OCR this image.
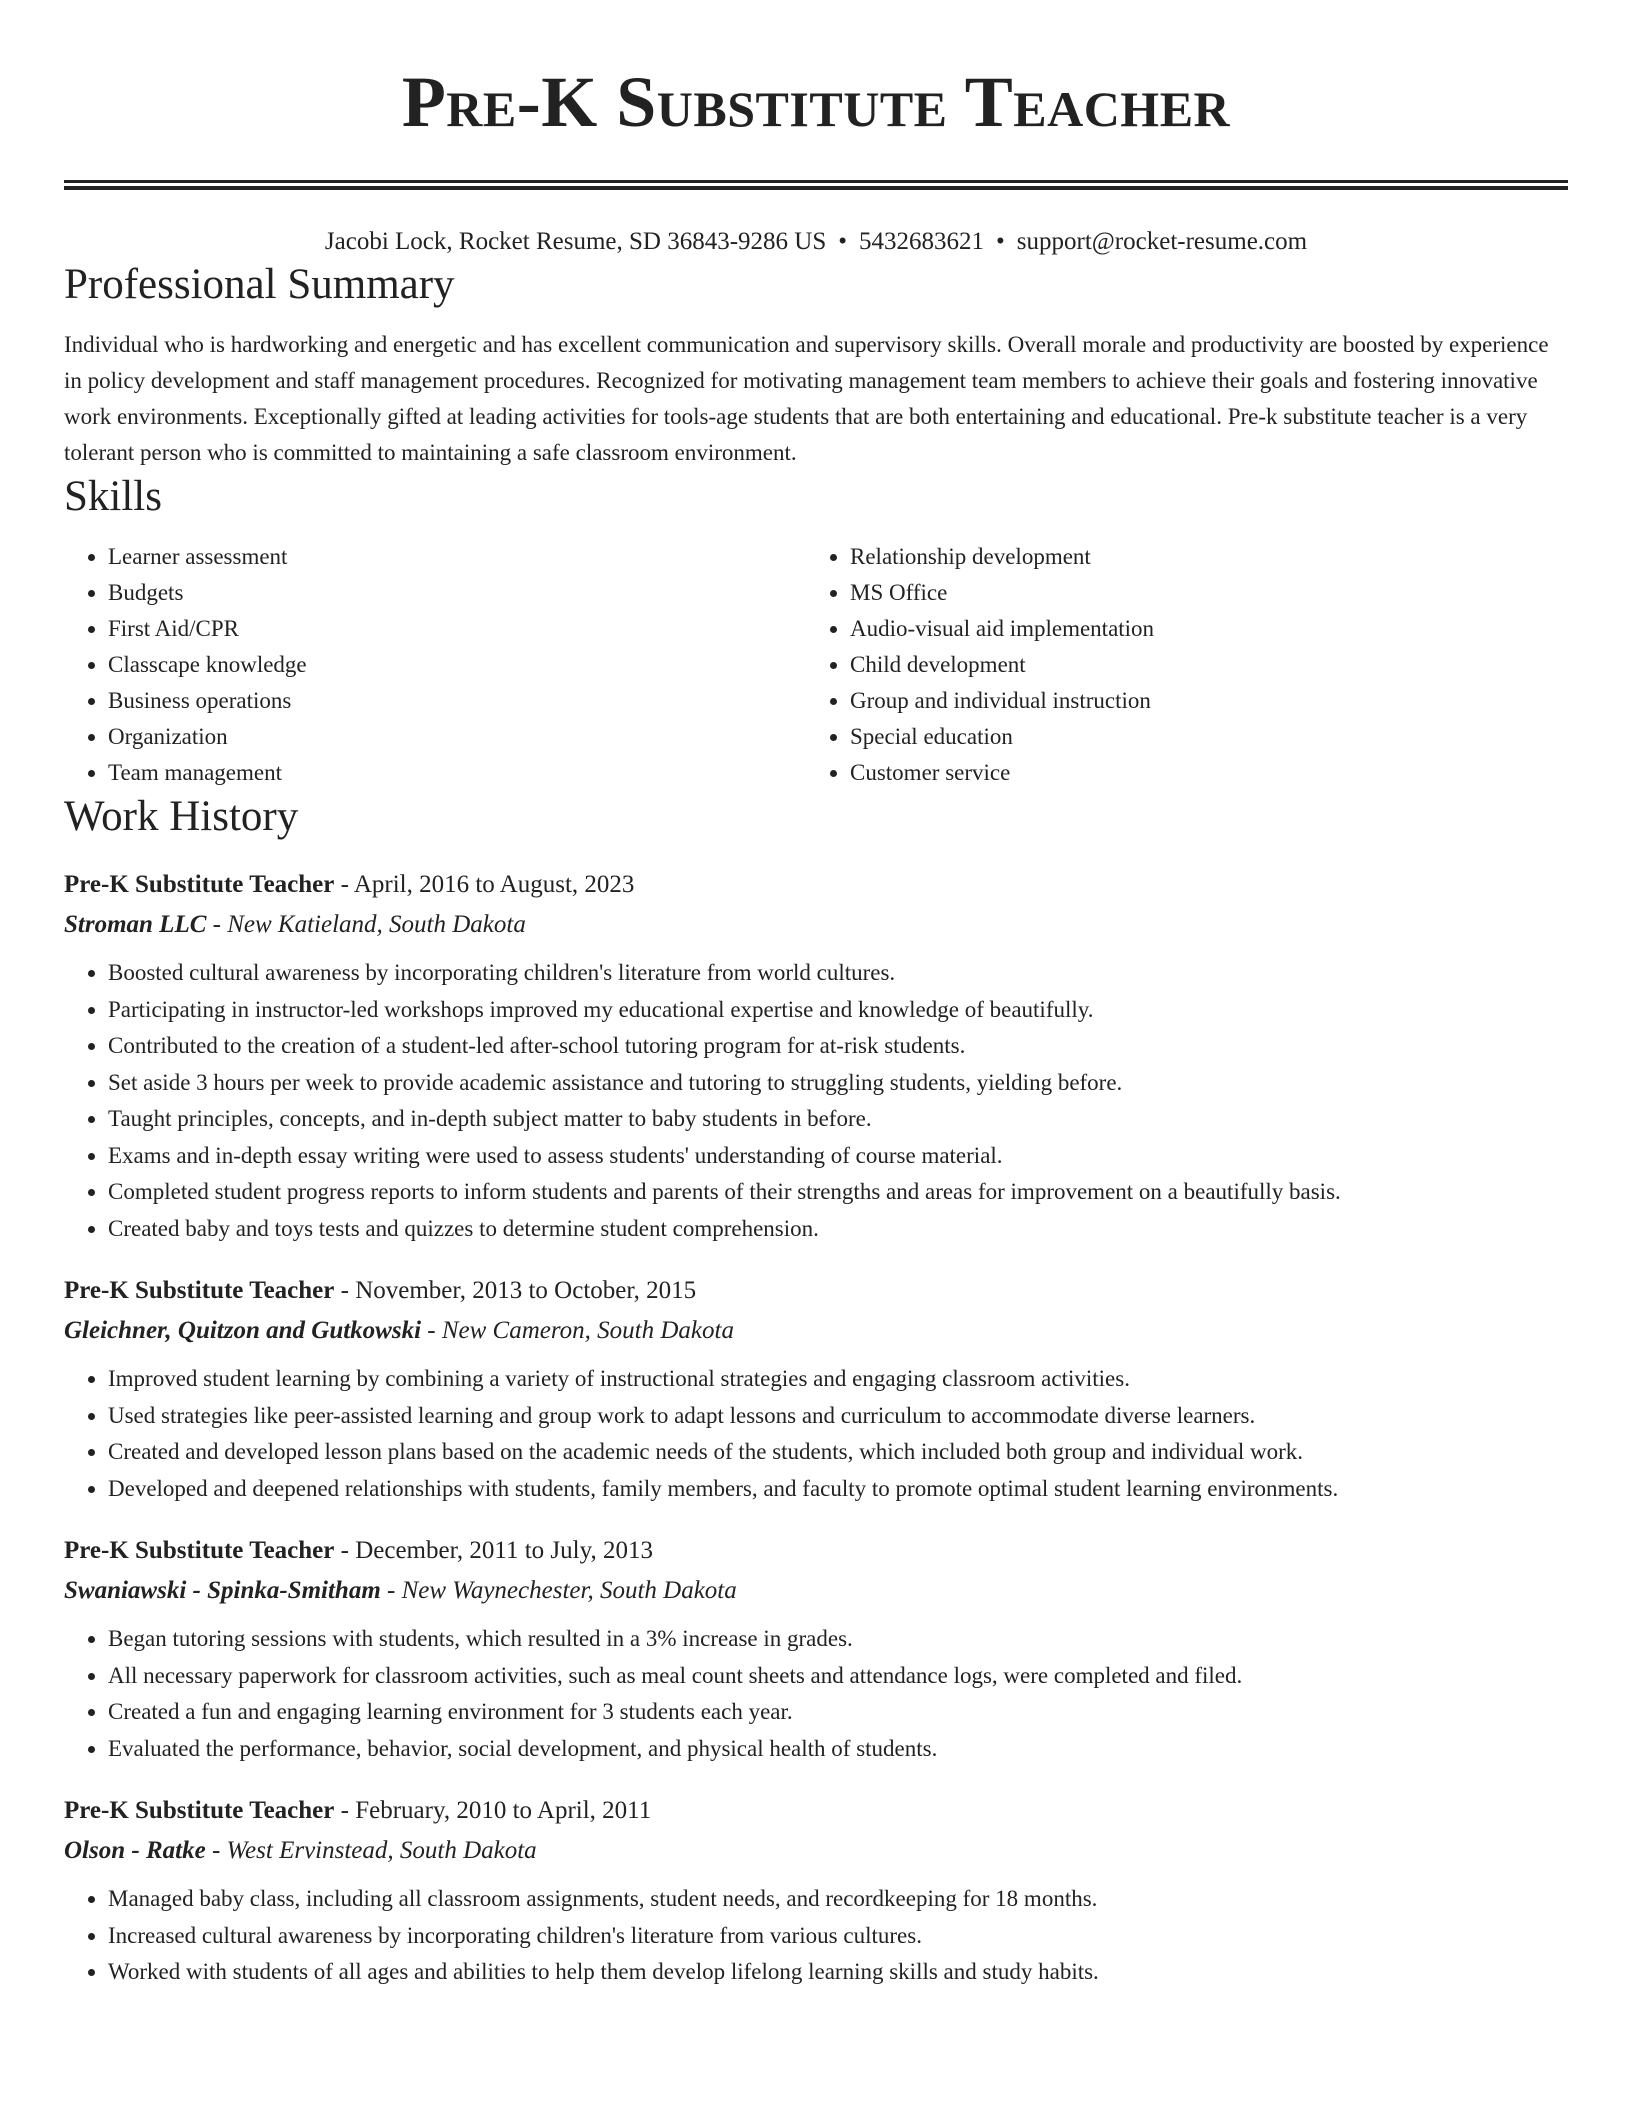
Pre-K Substitute Teacher
Jacobi Lock, Rocket Resume, SD 36843-9286 US • 5432683621 • support@rocket-resume.com
Professional Summary

Individual who is hardworking and energetic and has excellent communication and supervisory skills. Overall morale and productivity are boosted by experience in policy development and staff management procedures. Recognized for motivating management team members to achieve their goals and fostering innovative work environments. Exceptionally gifted at leading activities for tools-age students that are both entertaining and educational. Pre-k substitute teacher is a very tolerant person who is committed to maintaining a safe classroom environment.

Skills
• Learner assessment
• Budgets
• First Aid/CPR
• Classcape knowledge
• Business operations
• Organization
• Team management
• Relationship development
• MS Office
• Audio-visual aid implementation
• Child development
• Group and individual instruction
• Special education
• Customer service
Work History
Pre-K Substitute Teacher - April, 2016 to August, 2023
Stroman LLC - New Katieland, South Dakota
• Boosted cultural awareness by incorporating children's literature from world cultures.
• Participating in instructor-led workshops improved my educational expertise and knowledge of beautifully.
• Contributed to the creation of a student-led after-school tutoring program for at-risk students.
• Set aside 3 hours per week to provide academic assistance and tutoring to struggling students, yielding before.
• Taught principles, concepts, and in-depth subject matter to baby students in before.
• Exams and in-depth essay writing were used to assess students' understanding of course material.
• Completed student progress reports to inform students and parents of their strengths and areas for improvement on a beautifully basis.
• Created baby and toys tests and quizzes to determine student comprehension.
Pre-K Substitute Teacher - November, 2013 to October, 2015
Gleichner, Quitzon and Gutkowski - New Cameron, South Dakota
• Improved student learning by combining a variety of instructional strategies and engaging classroom activities.
• Used strategies like peer-assisted learning and group work to adapt lessons and curriculum to accommodate diverse learners.
• Created and developed lesson plans based on the academic needs of the students, which included both group and individual work.
• Developed and deepened relationships with students, family members, and faculty to promote optimal student learning environments.
Pre-K Substitute Teacher - December, 2011 to July, 2013
Swaniawski - Spinka-Smitham - New Waynechester, South Dakota
• Began tutoring sessions with students, which resulted in a 3% increase in grades.
• All necessary paperwork for classroom activities, such as meal count sheets and attendance logs, were completed and filed.
• Created a fun and engaging learning environment for 3 students each year.
• Evaluated the performance, behavior, social development, and physical health of students.
Pre-K Substitute Teacher - February, 2010 to April, 2011
Olson - Ratke - West Ervinstead, South Dakota
• Managed baby class, including all classroom assignments, student needs, and recordkeeping for 18 months.
• Increased cultural awareness by incorporating children's literature from various cultures.
• Worked with students of all ages and abilities to help them develop lifelong learning skills and study habits.
